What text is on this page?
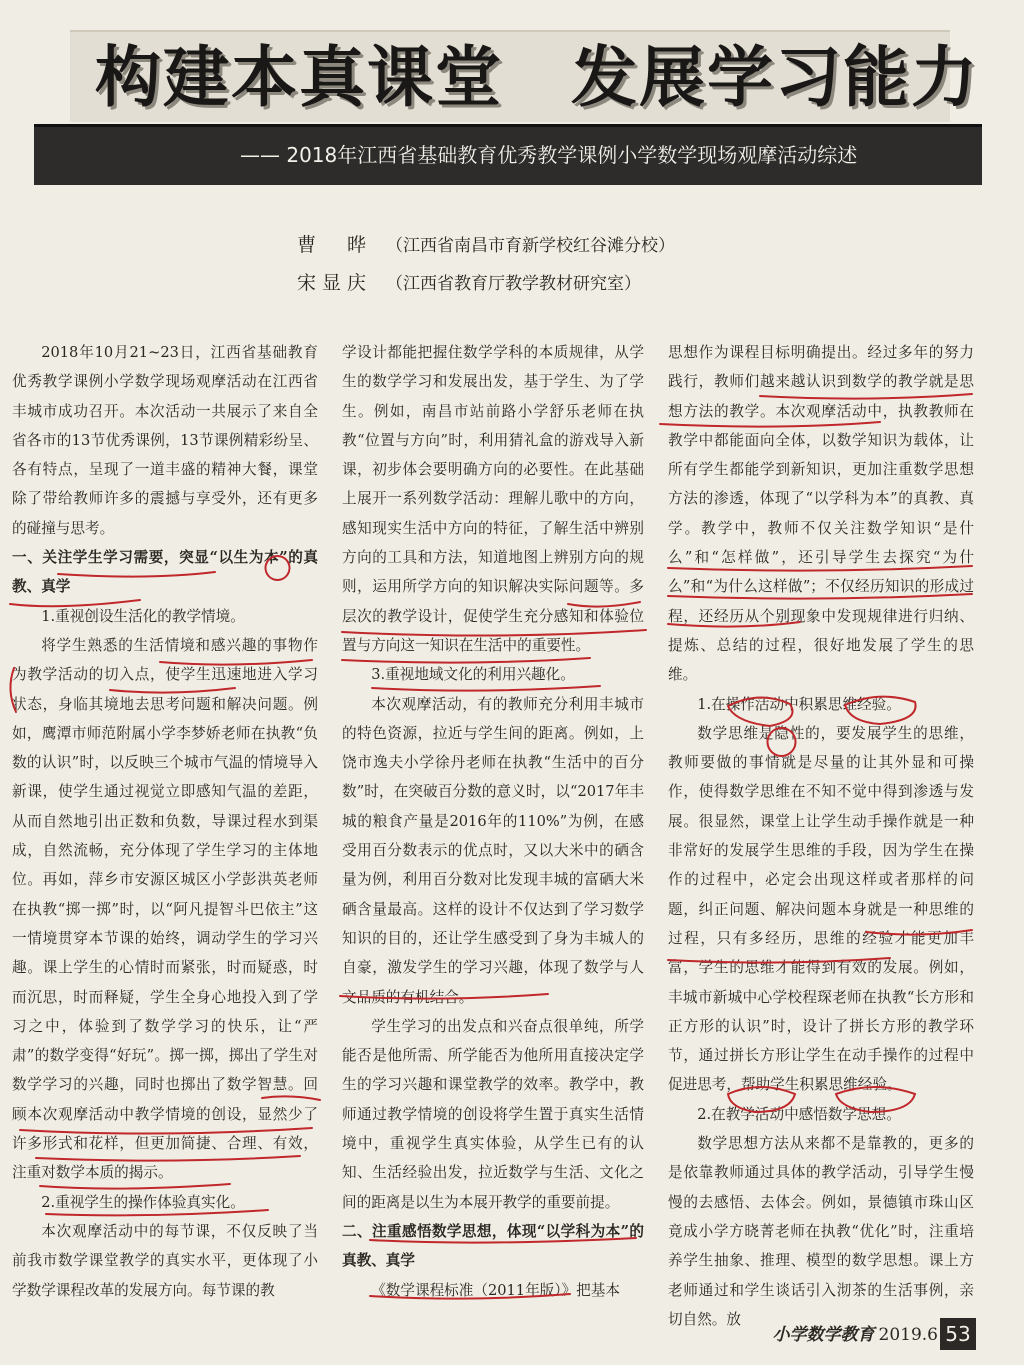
构建本真课堂　发展学习能力
—— 2018年江西省基础教育优秀教学课例小学数学现场观摩活动综述
曹　晔 （江西省南昌市育新学校红谷滩分校）
宋显庆 （江西省教育厅教学教材研究室）

2018年10月21~23日，江西省基础教育优秀教学课例小学数学现场观摩活动在江西省丰城市成功召开。本次活动一共展示了来自全省各市的13节优秀课例，13节课例精彩纷呈、各有特点，呈现了一道丰盛的精神大餐，课堂除了带给教师许多的震撼与享受外，还有更多的碰撞与思考。

一、关注学生学习需要，突显“以生为本”的真教、真学

1.重视创设生活化的教学情境。

将学生熟悉的生活情境和感兴趣的事物作为教学活动的切入点，使学生迅速地进入学习状态，身临其境地去思考问题和解决问题。例如，鹰潭市师范附属小学李梦娇老师在执教“负数的认识”时，以反映三个城市气温的情境导入新课，使学生通过视觉立即感知气温的差距，从而自然地引出正数和负数，导课过程水到渠成，自然流畅，充分体现了学生学习的主体地位。再如，萍乡市安源区城区小学彭洪英老师在执教“掷一掷”时，以“阿凡提智斗巴依主”这一情境贯穿本节课的始终，调动学生的学习兴趣。课上学生的心情时而紧张，时而疑惑，时而沉思，时而释疑，学生全身心地投入到了学习之中，体验到了数学学习的快乐，让“严肃”的数学变得“好玩”。掷一掷，掷出了学生对数学学习的兴趣，同时也掷出了数学智慧。回顾本次观摩活动中教学情境的创设，显然少了许多形式和花样，但更加简捷、合理、有效，注重对数学本质的揭示。

2.重视学生的操作体验真实化。

本次观摩活动中的每节课，不仅反映了当前我市数学课堂教学的真实水平，更体现了小学数学课程改革的发展方向。每节课的教

学设计都能把握住数学学科的本质规律，从学生的数学学习和发展出发，基于学生、为了学生。例如，南昌市站前路小学舒乐老师在执教“位置与方向”时，利用猜礼盒的游戏导入新课，初步体会要明确方向的必要性。在此基础上展开一系列数学活动：理解儿歌中的方向，感知现实生活中方向的特征，了解生活中辨别方向的工具和方法，知道地图上辨别方向的规则，运用所学方向的知识解决实际问题等。多层次的教学设计，促使学生充分感知和体验位置与方向这一知识在生活中的重要性。

3.重视地域文化的利用兴趣化。

本次观摩活动，有的教师充分利用丰城市的特色资源，拉近与学生间的距离。例如，上饶市逸夫小学徐丹老师在执教“生活中的百分数”时，在突破百分数的意义时，以“2017年丰城的粮食产量是2016年的110%”为例，在感受用百分数表示的优点时，又以大米中的硒含量为例，利用百分数对比发现丰城的富硒大米硒含量最高。这样的设计不仅达到了学习数学知识的目的，还让学生感受到了身为丰城人的自豪，激发学生的学习兴趣，体现了数学与人文品质的有机结合。

学生学习的出发点和兴奋点很单纯，所学能否是他所需、所学能否为他所用直接决定学生的学习兴趣和课堂教学的效率。教学中，教师通过教学情境的创设将学生置于真实生活情境中，重视学生真实体验，从学生已有的认知、生活经验出发，拉近数学与生活、文化之间的距离是以生为本展开教学的重要前提。

二、注重感悟数学思想，体现“以学科为本”的真教、真学

《数学课程标准（2011年版）》把基本

思想作为课程目标明确提出。经过多年的努力践行，教师们越来越认识到数学的教学就是思想方法的教学。本次观摩活动中，执教教师在教学中都能面向全体，以数学知识为载体，让所有学生都能学到新知识，更加注重数学思想方法的渗透，体现了“以学科为本”的真教、真学。教学中，教师不仅关注数学知识“是什么”和“怎样做”，还引导学生去探究“为什么”和“为什么这样做”；不仅经历知识的形成过程，还经历从个别现象中发现规律进行归纳、提炼、总结的过程，很好地发展了学生的思维。

1.在操作活动中积累思维经验。

数学思维是隐性的，要发展学生的思维，教师要做的事情就是尽量的让其外显和可操作，使得数学思维在不知不觉中得到渗透与发展。很显然，课堂上让学生动手操作就是一种非常好的发展学生思维的手段，因为学生在操作的过程中，必定会出现这样或者那样的问题，纠正问题、解决问题本身就是一种思维的过程，只有多经历，思维的经验才能更加丰富，学生的思维才能得到有效的发展。例如，丰城市新城中心学校程琛老师在执教“长方形和正方形的认识”时，设计了拼长方形的教学环节，通过拼长方形让学生在动手操作的过程中促进思考，帮助学生积累思维经验。

2.在教学活动中感悟数学思想。

数学思想方法从来都不是靠教的，更多的是依靠教师通过具体的教学活动，引导学生慢慢的去感悟、去体会。例如，景德镇市珠山区竟成小学方晓菁老师在执教“优化”时，注重培养学生抽象、推理、模型的数学思想。课上方老师通过和学生谈话引入沏茶的生活事例，亲切自然。放

小学数学教育 2019.6 53
